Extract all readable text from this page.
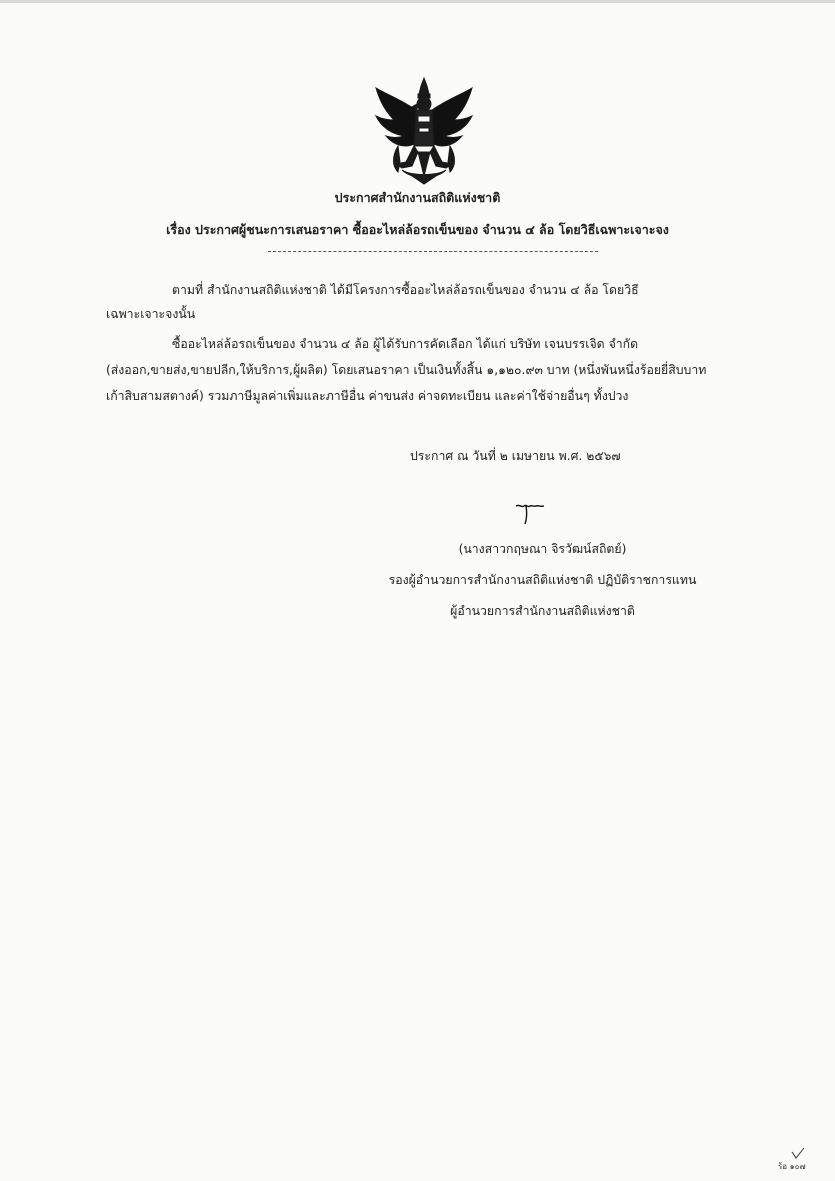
ประกาศสำนักงานสถิติแห่งชาติ
เรื่อง ประกาศผู้ชนะการเสนอราคา ซื้ออะไหล่ล้อรถเข็นของ จำนวน ๔ ล้อ โดยวิธีเฉพาะเจาะจง
ตามที่ สำนักงานสถิติแห่งชาติ ได้มีโครงการซื้ออะไหล่ล้อรถเข็นของ จำนวน ๔ ล้อ โดยวิธี
เฉพาะเจาะจงนั้น
ซื้ออะไหล่ล้อรถเข็นของ จำนวน ๔ ล้อ ผู้ได้รับการคัดเลือก ได้แก่ บริษัท เจนบรรเจิด จำกัด
(ส่งออก,ขายส่ง,ขายปลีก,ให้บริการ,ผู้ผลิต) โดยเสนอราคา เป็นเงินทั้งสิ้น ๑,๑๒๐.๙๓ บาท (หนึ่งพันหนึ่งร้อยยี่สิบบาท
เก้าสิบสามสตางค์) รวมภาษีมูลค่าเพิ่มและภาษีอื่น ค่าขนส่ง ค่าจดทะเบียน และค่าใช้จ่ายอื่นๆ ทั้งปวง
ประกาศ ณ วันที่ ๒ เมษายน พ.ศ. ๒๕๖๗
(นางสาวกฤษณา จิรวัฒน์สถิตย์)
รองผู้อำนวยการสำนักงานสถิติแห่งชาติ ปฏิบัติราชการแทน
ผู้อำนวยการสำนักงานสถิติแห่งชาติ
ร้อ ๑๐๗
